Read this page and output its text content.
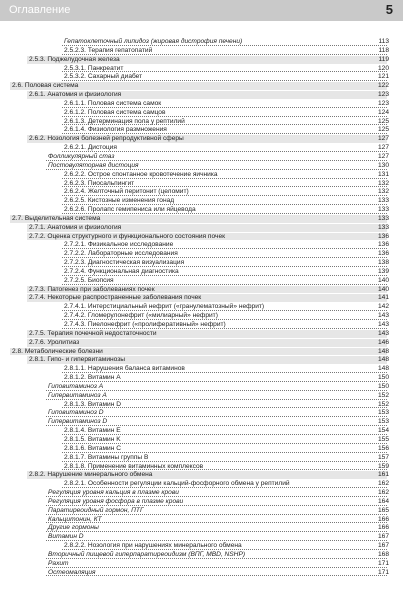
Оглавление	5
Гепатоклеточный липидоз (жировая дистрофия печени)	113
2.5.2.3. Терапия гепатопатий	118
2.5.3. Поджелудочная железа	119
2.5.3.1. Панкреатит	120
2.5.3.2. Сахарный диабет	121
2.6. Половая система	122
2.6.1. Анатомия и физиология	123
2.6.1.1. Половая система самок	123
2.6.1.2. Половая система самцов	124
2.6.1.3. Детерминация пола у рептилий	125
2.6.1.4. Физиология размножения	125
2.6.2. Нозология болезней репродуктивной сферы	127
2.6.2.1. Дистоция	127
Фолликулярный стаз	127
Постовуляторная дистоция	130
2.6.2.2. Острое спонтанное кровотечение яичника	131
2.6.2.3. Пиосальпингит	132
2.6.2.4. Желточный перитонит (целомит)	132
2.6.2.5. Кистозные изменения гонад	133
2.6.2.6. Пролапс гемипениса или яйцевода	133
2.7. Выделительная система	133
2.7.1. Анатомия и физиология	133
2.7.2. Оценка структурного и функционального состояния почек	136
2.7.2.1. Физикальное исследование	136
2.7.2.2. Лабораторные исследования	136
2.7.2.3. Диагностическая визуализация	138
2.7.2.4. Функциональная диагностика	139
2.7.2.5. Биопсия	140
2.7.3. Патогенез при заболеваниях почек	140
2.7.4. Некоторые распространенные заболевания почек	141
2.7.4.1. Интерстициальный нефрит («гранулематозный» нефрит)	142
2.7.4.2. Гломерулонефрит («милиарный» нефрит)	143
2.7.4.3. Пиелонефрит («пролиферативный» нефрит)	143
2.7.5. Терапия почечной недостаточности	143
2.7.6. Уролитиаз	146
2.8. Метаболические болезни	148
2.8.1. Гипо- и гипервитаминозы	148
2.8.1.1. Нарушения баланса витаминов	148
2.8.1.2. Витамин A	150
Гиповитаминоз A	150
Гипервитаминоз A	152
2.8.1.3. Витамин D	152
Гиповитаминоз D	153
Гипервитаминоз D	153
2.8.1.4. Витамин E	154
2.8.1.5. Витамин K	155
2.8.1.6. Витамин C	156
2.8.1.7. Витамины группы B	157
2.8.1.8. Применение витаминных комплексов	159
2.8.2. Нарушение минерального обмена	161
2.8.2.1. Особенности регуляции кальций-фосфорного обмена у рептилий	162
Регуляция уровня кальция в плазме крови	162
Регуляция уровня фосфора в плазме крови	164
Паратиреоидный гормон, ПТГ	165
Кальцитонин, КТ	166
Другие гормоны	166
Витамин D	167
2.8.2.2. Нозология при нарушениях минерального обмена	167
Вторичный пищевой гиперпаратиреоидизм (ВПГ, MBD, NSHP)	168
Рахит	171
Остеомаляция	171
